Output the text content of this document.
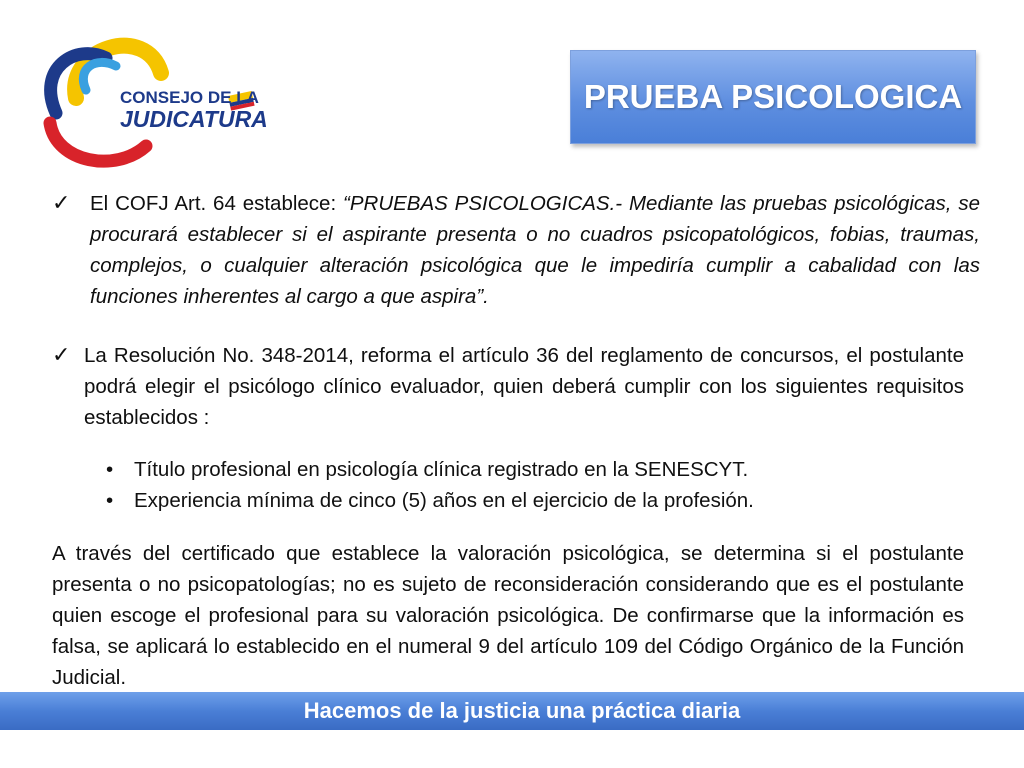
CONSEJO DE LA
JUDICATURA
PRUEBA PSICOLOGICA
✓ El COFJ Art. 64 establece: “PRUEBAS PSICOLOGICAS.- Mediante las pruebas psicológicas, se procurará establecer si el aspirante presenta o no cuadros psicopatológicos, fobias, traumas, complejos, o cualquier alteración psicológica que le impediría cumplir a cabalidad con las funciones inherentes al cargo a que aspira”.
✓ La Resolución No. 348-2014, reforma el artículo 36 del reglamento de concursos, el postulante podrá elegir el psicólogo clínico evaluador, quien deberá cumplir con los siguientes requisitos establecidos :
• Título profesional en psicología clínica registrado en la SENESCYT.
• Experiencia mínima de cinco (5) años en el ejercicio de la profesión.
A través del certificado que establece la valoración psicológica, se determina si el postulante presenta o no psicopatologías; no es sujeto de reconsideración considerando que es el postulante quien escoge el profesional para su valoración psicológica. De confirmarse que la información es falsa, se aplicará lo establecido en el numeral 9 del artículo 109 del Código Orgánico de la Función Judicial.
Hacemos de la justicia una práctica diaria
